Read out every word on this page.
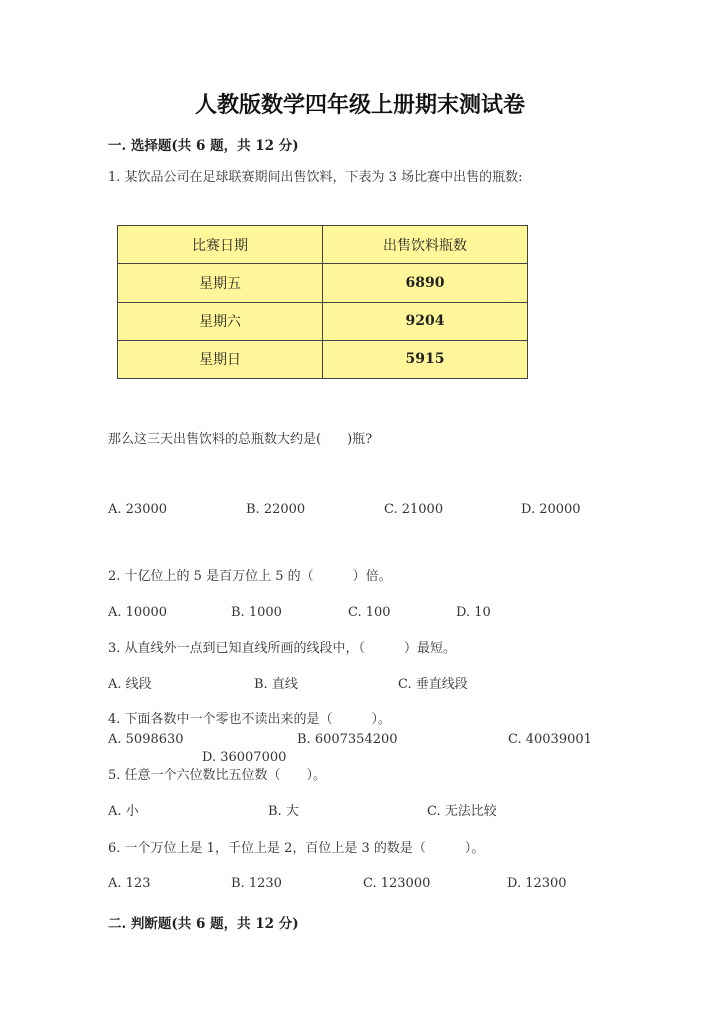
人教版数学四年级上册期末测试卷
一. 选择题(共 6 题，共 12 分)
1. 某饮品公司在足球联赛期间出售饮料，下表为 3 场比赛中出售的瓶数:
比赛日期	出售饮料瓶数
星期五	6890
星期六	9204
星期日	5915
那么这三天出售饮料的总瓶数大约是(　　)瓶?
A. 23000	B. 22000	C. 21000	D. 20000
2. 十亿位上的 5 是百万位上 5 的（　　　）倍。
A. 10000	B. 1000	C. 100	D. 10
3. 从直线外一点到已知直线所画的线段中，（　　　）最短。
A. 线段	B. 直线	C. 垂直线段
4. 下面各数中一个零也不读出来的是（　　　）。
A. 5098630	B. 6007354200	C. 40039001
D. 36007000
5. 任意一个六位数比五位数（　　）。
A. 小	B. 大	C. 无法比较
6. 一个万位上是 1，千位上是 2，百位上是 3 的数是（　　　）。
A. 123	B. 1230	C. 123000	D. 12300
二. 判断题(共 6 题，共 12 分)
